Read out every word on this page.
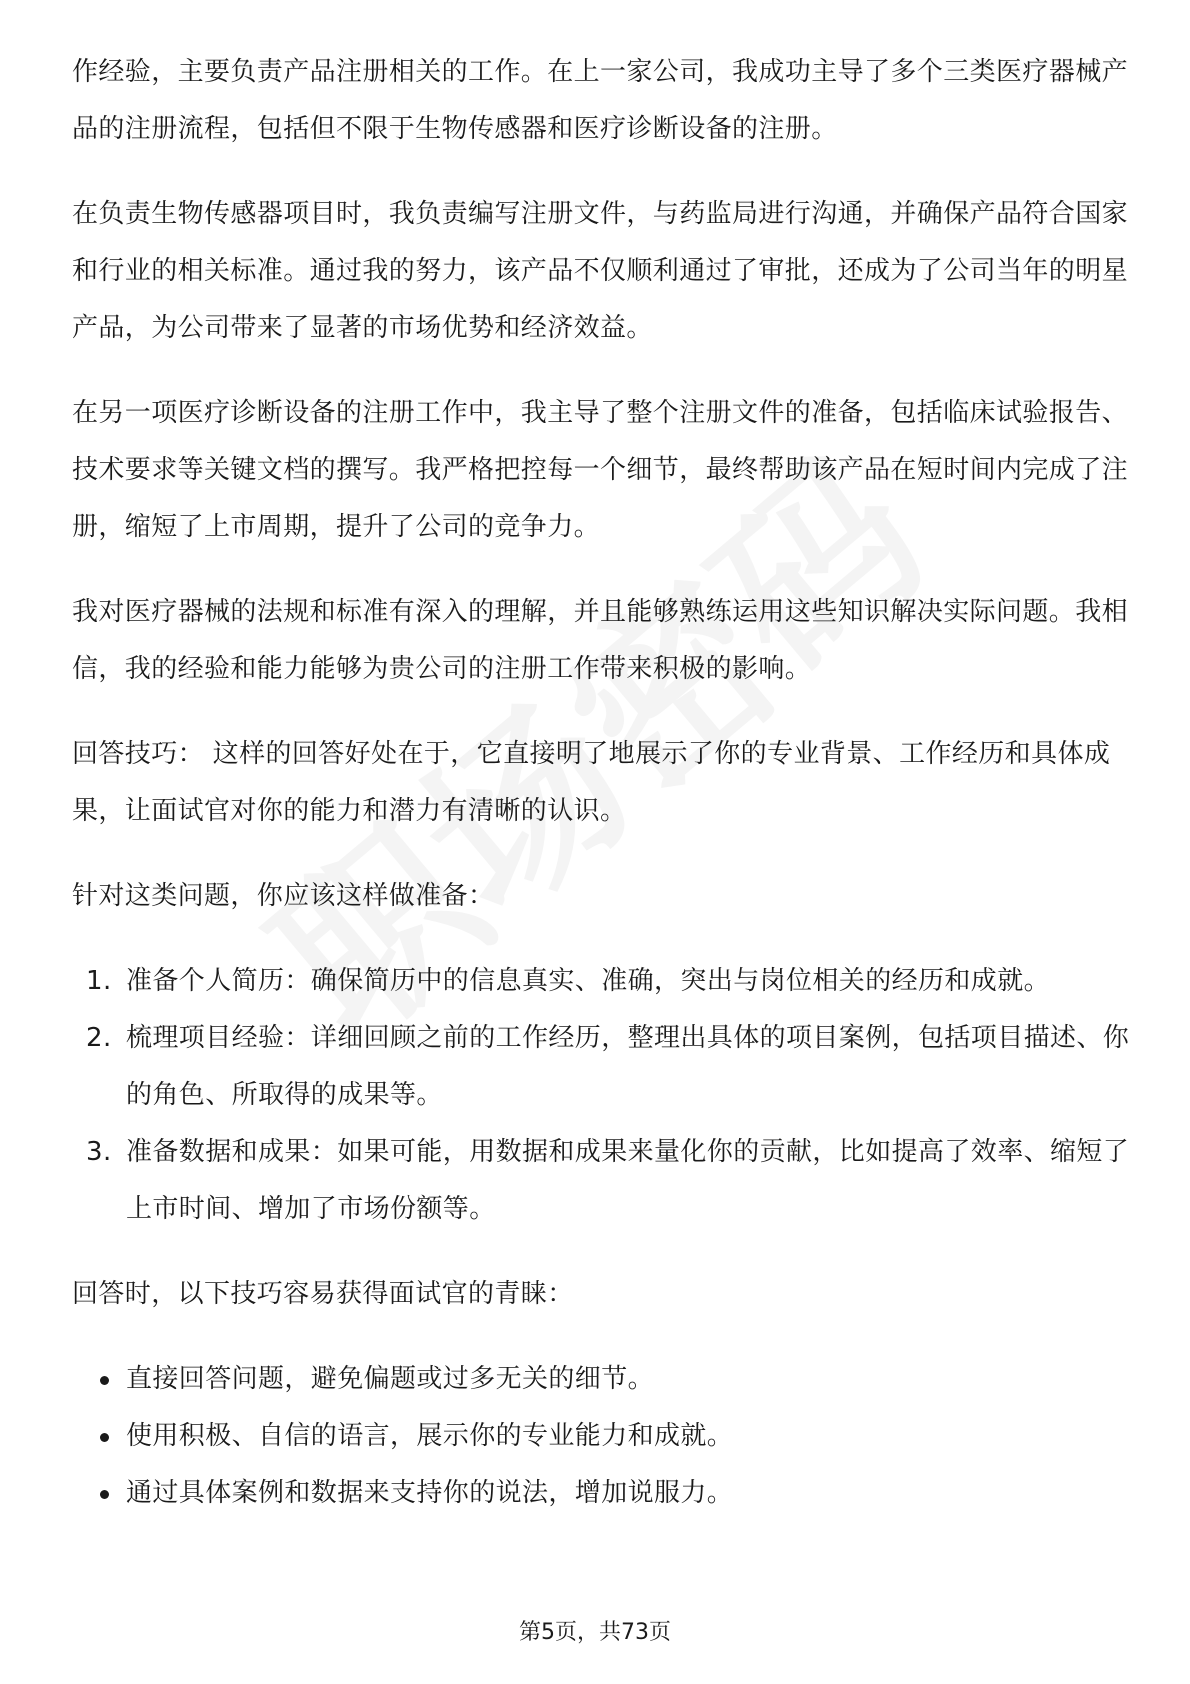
作经验，主要负责产品注册相关的工作。在上一家公司，我成功主导了多个三类医疗器械产品的注册流程，包括但不限于生物传感器和医疗诊断设备的注册。

在负责生物传感器项目时，我负责编写注册文件，与药监局进行沟通，并确保产品符合国家和行业的相关标准。通过我的努力，该产品不仅顺利通过了审批，还成为了公司当年的明星产品，为公司带来了显著的市场优势和经济效益。

在另一项医疗诊断设备的注册工作中，我主导了整个注册文件的准备，包括临床试验报告、技术要求等关键文档的撰写。我严格把控每一个细节，最终帮助该产品在短时间内完成了注册，缩短了上市周期，提升了公司的竞争力。

我对医疗器械的法规和标准有深入的理解，并且能够熟练运用这些知识解决实际问题。我相信，我的经验和能力能够为贵公司的注册工作带来积极的影响。

回答技巧： 这样的回答好处在于，它直接明了地展示了你的专业背景、工作经历和具体成果，让面试官对你的能力和潜力有清晰的认识。

针对这类问题，你应该这样做准备：

1. 准备个人简历：确保简历中的信息真实、准确，突出与岗位相关的经历和成就。
2. 梳理项目经验：详细回顾之前的工作经历，整理出具体的项目案例，包括项目描述、你的角色、所取得的成果等。
3. 准备数据和成果：如果可能，用数据和成果来量化你的贡献，比如提高了效率、缩短了上市时间、增加了市场份额等。

回答时，以下技巧容易获得面试官的青睐：

直接回答问题，避免偏题或过多无关的细节。
使用积极、自信的语言，展示你的专业能力和成就。
通过具体案例和数据来支持你的说法，增加说服力。
第5页，共73页
